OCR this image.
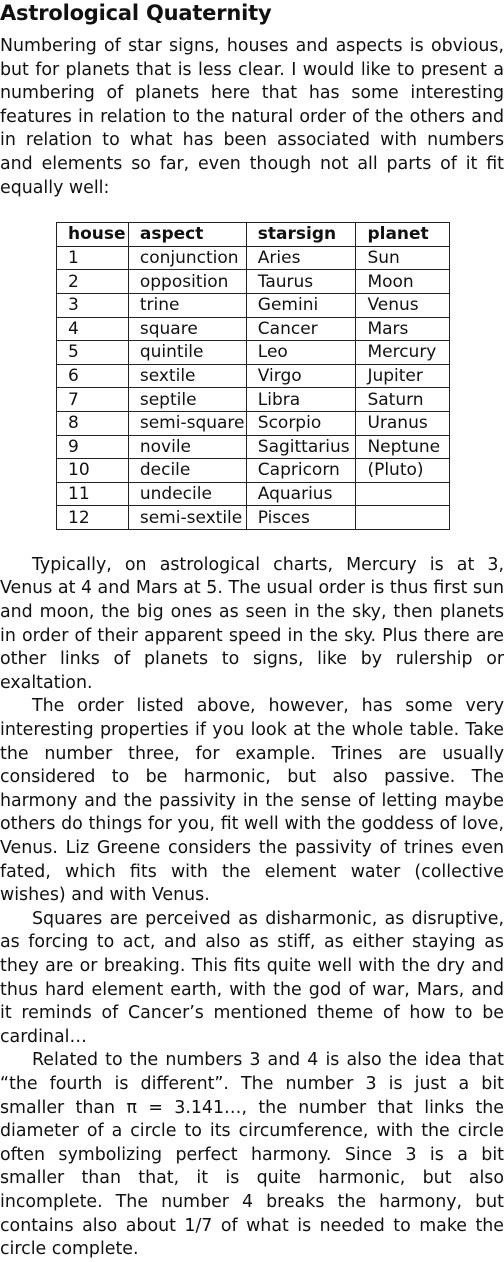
Astrological Quaternity

Numbering of star signs, houses and aspects is obvious, but for planets that is less clear. I would like to present a numbering of planets here that has some interesting features in relation to the natural order of the others and in relation to what has been associated with numbers and elements so far, even though not all parts of it fit equally well:

house	aspect	starsign	planet
1	conjunction	Aries	Sun
2	opposition	Taurus	Moon
3	trine	Gemini	Venus
4	square	Cancer	Mars
5	quintile	Leo	Mercury
6	sextile	Virgo	Jupiter
7	septile	Libra	Saturn
8	semi-square	Scorpio	Uranus
9	novile	Sagittarius	Neptune
10	decile	Capricorn	(Pluto)
11	undecile	Aquarius	
12	semi-sextile	Pisces	

Typically, on astrological charts, Mercury is at 3, Venus at 4 and Mars at 5. The usual order is thus first sun and moon, the big ones as seen in the sky, then planets in order of their apparent speed in the sky. Plus there are other links of planets to signs, like by rulership or exaltation.

The order listed above, however, has some very interesting properties if you look at the whole table. Take the number three, for example. Trines are usually considered to be harmonic, but also passive. The harmony and the passivity in the sense of letting maybe others do things for you, fit well with the goddess of love, Venus. Liz Greene considers the passivity of trines even fated, which fits with the element water (collective wishes) and with Venus.

Squares are perceived as disharmonic, as disruptive, as forcing to act, and also as stiff, as either staying as they are or breaking. This fits quite well with the dry and thus hard element earth, with the god of war, Mars, and it reminds of Cancer’s mentioned theme of how to be cardinal…

Related to the numbers 3 and 4 is also the idea that “the fourth is different”. The number 3 is just a bit smaller than π = 3.141…, the number that links the diameter of a circle to its circumference, with the circle often symbolizing perfect harmony. Since 3 is a bit smaller than that, it is quite harmonic, but also incomplete. The number 4 breaks the harmony, but contains also about 1/7 of what is needed to make the circle complete.
